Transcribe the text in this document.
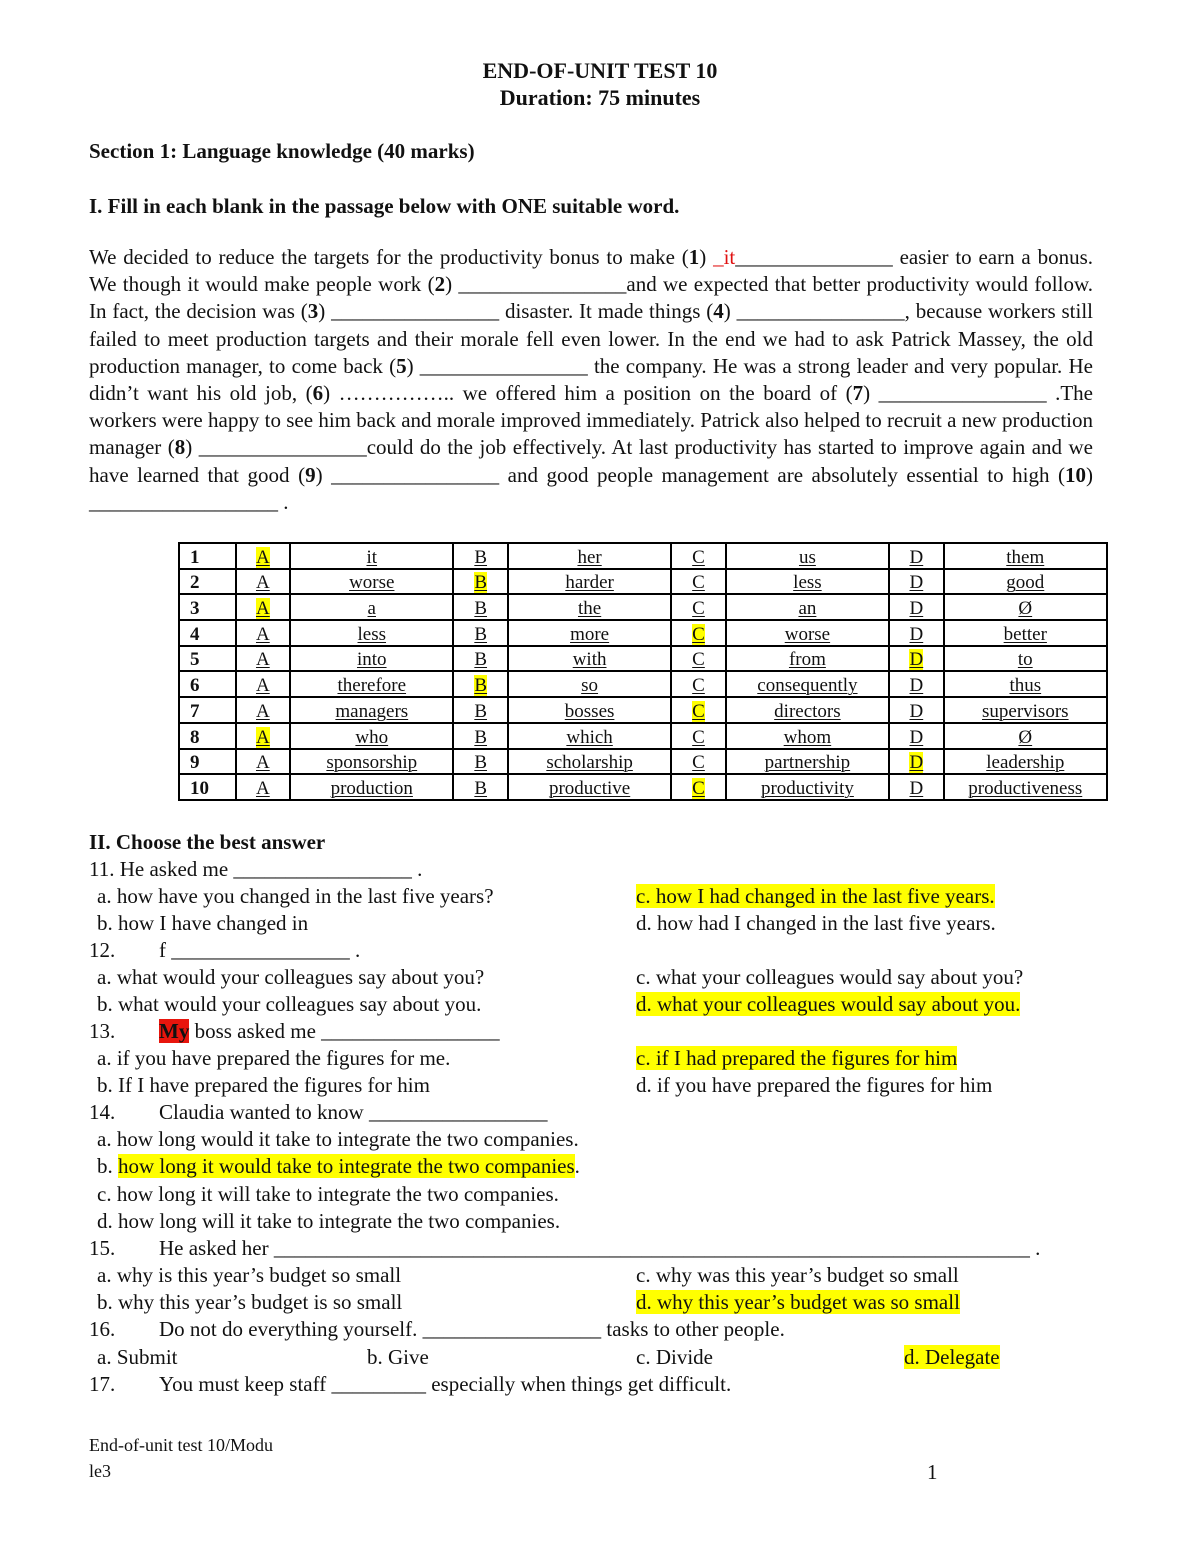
END-OF-UNIT TEST 10
Duration: 75 minutes
Section 1: Language knowledge (40 marks)
I. Fill in each blank in the passage below with ONE suitable word.
We decided to reduce the targets for the productivity bonus to make (1) _it_______________ easier to earn a bonus. We though it would make people work (2) ________________and we expected that better productivity would follow. In fact, the decision was (3) ________________ disaster. It made things (4) ________________, because workers still failed to meet production targets and their morale fell even lower. In the end we had to ask Patrick Massey, the old production manager, to come back (5) ________________ the company. He was a strong leader and very popular. He didn’t want his old job, (6) …………….. we offered him a position on the board of (7) ________________ .The workers were happy to see him back and morale improved immediately. Patrick also helped to recruit a new production manager (8) ________________could do the job effectively. At last productivity has started to improve again and we have learned that good (9) ________________ and good people management are absolutely essential to high (10) __________________ .
1	A	it	B	her	C	us	D	them
2	A	worse	B	harder	C	less	D	good
3	A	a	B	the	C	an	D	Ø
4	A	less	B	more	C	worse	D	better
5	A	into	B	with	C	from	D	to
6	A	therefore	B	so	C	consequently	D	thus
7	A	managers	B	bosses	C	directors	D	supervisors
8	A	who	B	which	C	whom	D	Ø
9	A	sponsorship	B	scholarship	C	partnership	D	leadership
10	A	production	B	productive	C	productivity	D	productiveness
II. Choose the best answer
11. He asked me _________________ .
a. how have you changed in the last five years?	c. how I had changed in the last five years.
b. how I have changed in	d. how had I changed in the last five years.
12. f _________________ .
a. what would your colleagues say about you?	c. what your colleagues would say about you?
b. what would your colleagues say about you.	d. what your colleagues would say about you.
13. My boss asked me _________________
a. if you have prepared the figures for me.	c. if I had prepared the figures for him
b. If I have prepared the figures for him	d. if you have prepared the figures for him
14. Claudia wanted to know _________________
a. how long would it take to integrate the two companies.
b. how long it would take to integrate the two companies.
c. how long it will take to integrate the two companies.
d. how long will it take to integrate the two companies.
15. He asked her ________________________________________________________________________ .
a. why is this year’s budget so small	c. why was this year’s budget so small
b. why this year’s budget is so small	d. why this year’s budget was so small
16. Do not do everything yourself. _________________ tasks to other people.
a. Submit	b. Give	c. Divide	d. Delegate
17. You must keep staff _________ especially when things get difficult.
End-of-unit test 10/Modu
le3	1
